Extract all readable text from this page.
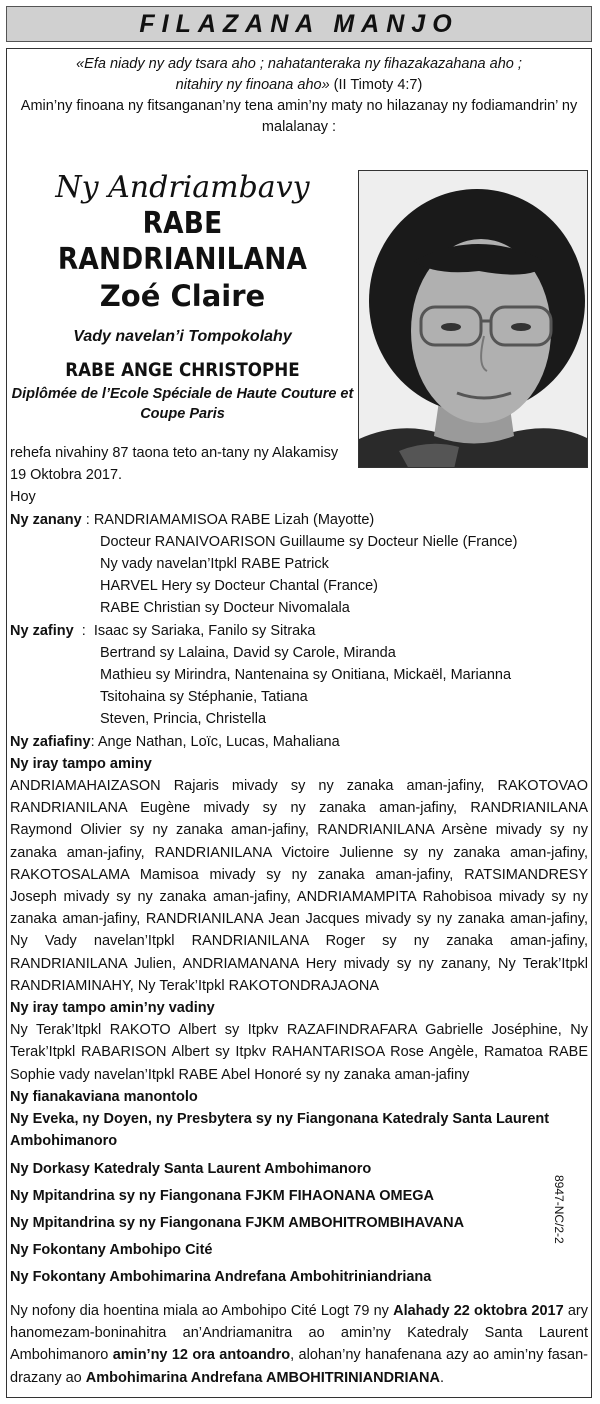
FILAZANA MANJO
«Efa niady ny ady tsara aho ; nahatanteraka ny fihazakazahana aho ;
nitahiry ny finoana aho» (II Timoty 4:7)
Amin’ny finoana ny fitsanganan’ny tena amin’ny maty no hilazanay ny fodiamandrin’ ny malalanay :
Ny Andriambavy
RABE RANDRIANILANA
Zoé Claire
Vady navelan’i Tompokolahy
RABE ANGE CHRISTOPHE
Diplômée de l’Ecole Spéciale de Haute Couture et Coupe Paris
rehefa nivahiny 87 taona teto an-tany ny Alakamisy
19 Oktobra 2017.
Hoy
Ny zanany : RANDRIAMAMISOA RABE Lizah (Mayotte)
Docteur RANAIVOARISON Guillaume sy Docteur Nielle (France)
Ny vady navelan’Itpkl RABE Patrick
HARVEL Hery sy Docteur Chantal (France)
RABE Christian sy Docteur Nivomalala
Ny zafiny  :  Isaac sy Sariaka, Fanilo sy Sitraka
Bertrand sy Lalaina, David sy Carole, Miranda
Mathieu sy Mirindra, Nantenaina sy Onitiana, Mickaël, Marianna
Tsitohaina sy Stéphanie, Tatiana
Steven, Princia, Christella
Ny zafiafiny: Ange Nathan, Loïc, Lucas, Mahaliana
Ny iray tampo aminy
ANDRIAMAHAIZASON Rajaris mivady sy ny zanaka aman-jafiny, RAKOTOVAO RANDRIANILANA Eugène mivady sy ny zanaka aman-jafiny, RANDRIANILANA Raymond Olivier sy ny zanaka aman-jafiny, RANDRIANILANA Arsène mivady sy ny zanaka aman-jafiny, RANDRIANILANA Victoire Julienne sy ny zanaka aman-jafiny, RAKOTOSALAMA Mamisoa mivady sy ny zanaka aman-jafiny, RATSIMANDRESY Joseph mivady sy ny zanaka aman-jafiny, ANDRIAMAMPITA Rahobisoa mivady sy ny zanaka aman-jafiny, RANDRIANILANA Jean Jacques mivady sy ny zanaka aman-jafiny, Ny Vady navelan’Itpkl RANDRIANILANA Roger sy ny zanaka aman-jafiny, RANDRIANILANA Julien, ANDRIAMANANA Hery mivady sy ny zanany, Ny Terak’Itpkl RANDRIAMINAHY, Ny Terak’Itpkl RAKOTONDRAJAONA
Ny iray tampo amin’ny vadiny
Ny Terak’Itpkl RAKOTO Albert sy Itpkv RAZAFINDRAFARA Gabrielle Joséphine, Ny Terak’Itpkl RABARISON Albert sy Itpkv RAHANTARISOA Rose Angèle, Ramatoa RABE Sophie vady navelan’Itpkl RABE Abel Honoré sy ny zanaka aman-jafiny
Ny fianakaviana manontolo
Ny Eveka, ny Doyen, ny Presbytera sy ny Fiangonana Katedraly Santa Laurent Ambohimanoro
Ny Dorkasy Katedraly Santa Laurent Ambohimanoro
Ny Mpitandrina sy ny Fiangonana FJKM FIHAONANA OMEGA
Ny Mpitandrina sy ny Fiangonana FJKM AMBOHITROMBIHAVANA
Ny Fokontany Ambohipo Cité
Ny Fokontany Ambohimarina Andrefana Ambohitriniandriana
8947-NC/2-2
Ny nofony dia hoentina miala ao Ambohipo Cité Logt 79 ny Alahady 22 oktobra 2017 ary hanomezam-boninahitra an’Andriamanitra ao amin’ny Katedraly Santa Laurent Ambohimanoro amin’ny 12 ora antoandro, alohan’ny hanafenana azy ao amin’ny fasan-drazany ao Ambohimarina Andrefana AMBOHITRINIANDRIANA.
